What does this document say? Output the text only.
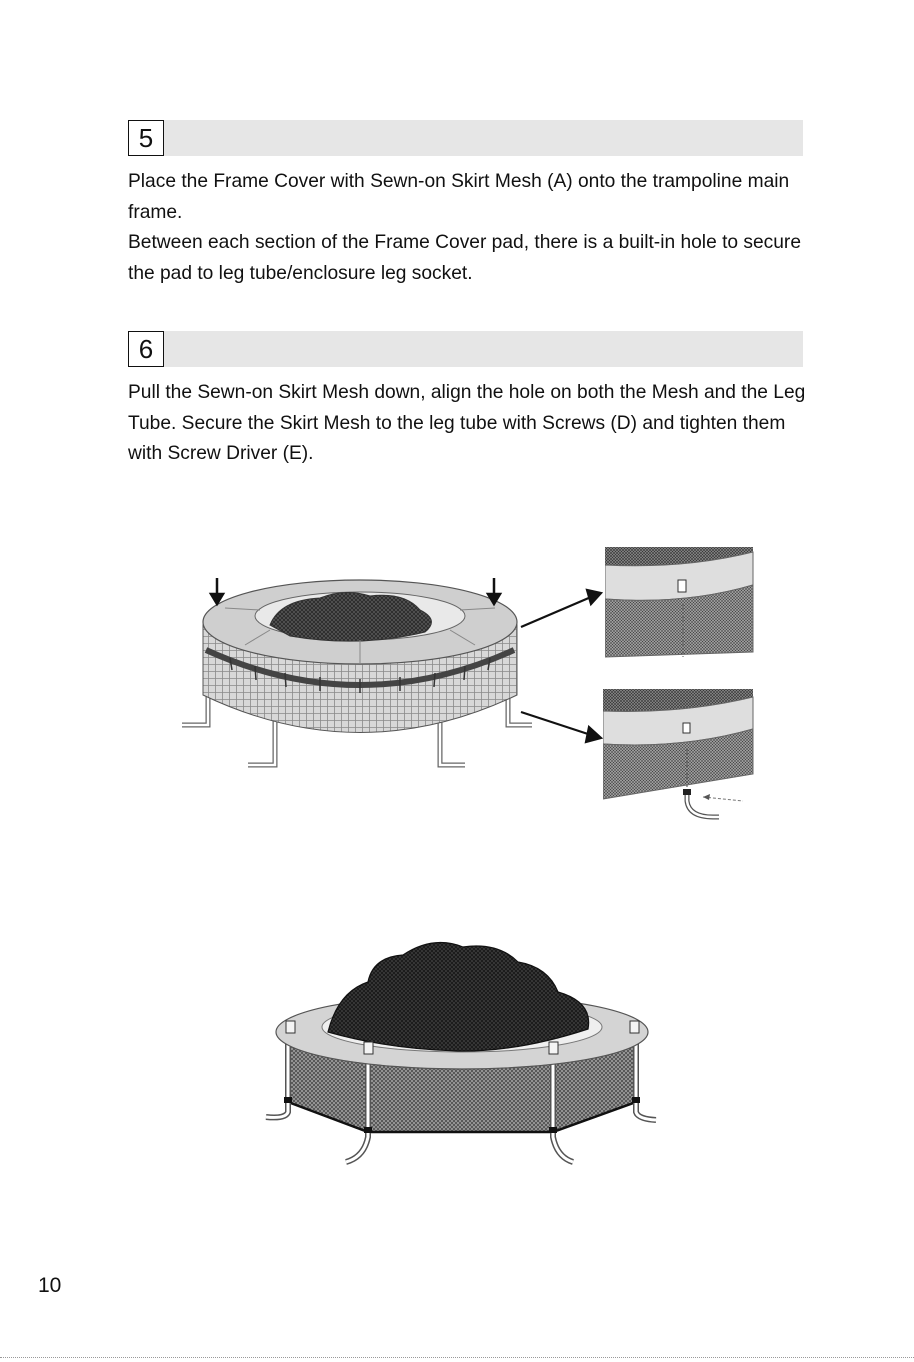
5

Place the Frame Cover with Sewn-on Skirt Mesh (A) onto the trampoline main frame.

Between each section of the Frame Cover pad, there is a built-in hole to secure the pad to leg tube/enclosure leg socket.

6

Pull the Sewn-on Skirt Mesh down, align the hole on both the Mesh and the Leg Tube. Secure the Skirt Mesh to the leg tube with Screws (D) and tighten them with Screw Driver (E).

10
